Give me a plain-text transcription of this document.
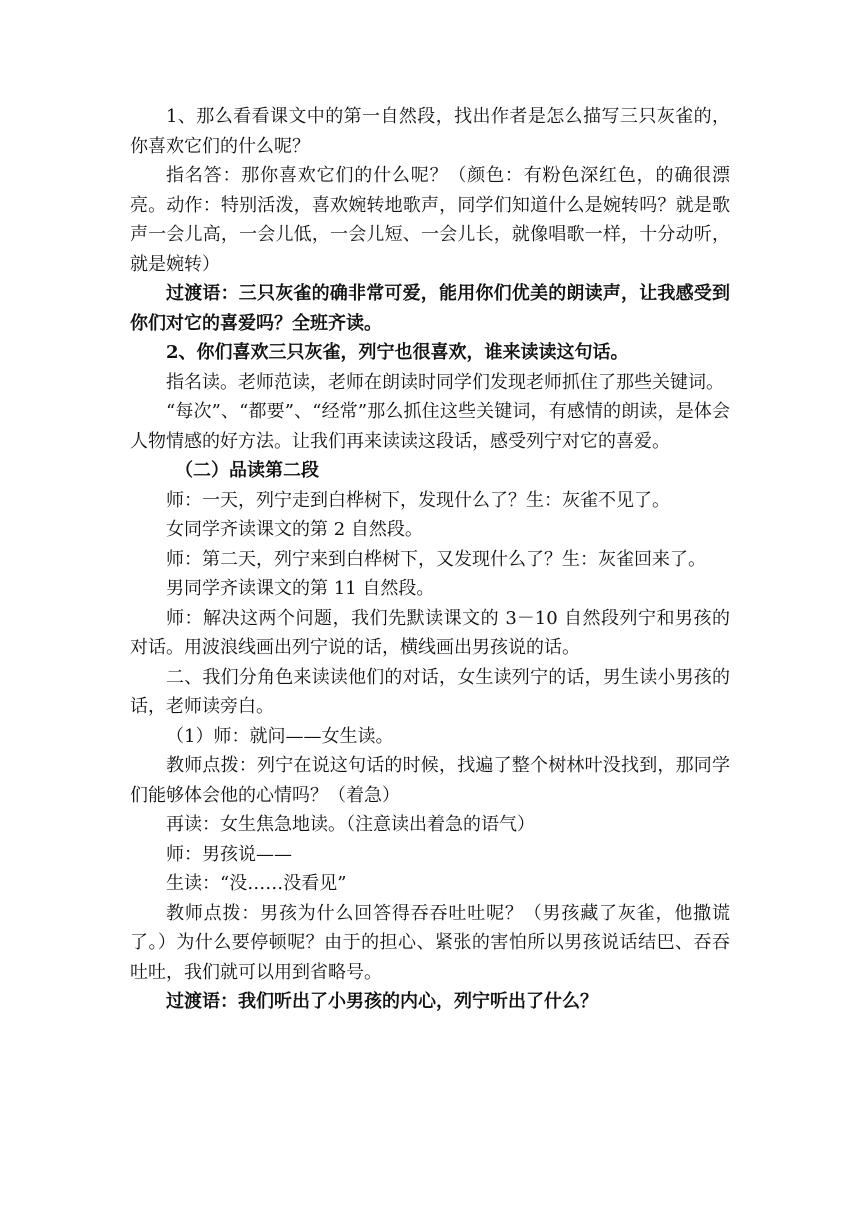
1、那么看看课文中的第一自然段，找出作者是怎么描写三只灰雀的，你喜欢它们的什么呢？

指名答：那你喜欢它们的什么呢？（颜色：有粉色深红色，的确很漂亮。动作：特别活泼，喜欢婉转地歌声，同学们知道什么是婉转吗？就是歌声一会儿高，一会儿低，一会儿短、一会儿长，就像唱歌一样，十分动听，就是婉转）

过渡语：三只灰雀的确非常可爱，能用你们优美的朗读声，让我感受到你们对它的喜爱吗？全班齐读。

2、你们喜欢三只灰雀，列宁也很喜欢，谁来读读这句话。

指名读。老师范读，老师在朗读时同学们发现老师抓住了那些关键词。

“每次”、“都要”、“经常”那么抓住这些关键词，有感情的朗读，是体会人物情感的好方法。让我们再来读读这段话，感受列宁对它的喜爱。

（二）品读第二段

师：一天，列宁走到白桦树下，发现什么了？生：灰雀不见了。

女同学齐读课文的第 2 自然段。

师：第二天，列宁来到白桦树下，又发现什么了？生：灰雀回来了。

男同学齐读课文的第 11 自然段。

师：解决这两个问题，我们先默读课文的 3－10 自然段列宁和男孩的对话。用波浪线画出列宁说的话，横线画出男孩说的话。

二、我们分角色来读读他们的对话，女生读列宁的话，男生读小男孩的话，老师读旁白。

（1）师：就问——女生读。

教师点拨：列宁在说这句话的时候，找遍了整个树林叶没找到，那同学们能够体会他的心情吗？（着急）

再读：女生焦急地读。（注意读出着急的语气）

师：男孩说——

生读：“没……没看见”

教师点拨：男孩为什么回答得吞吞吐吐呢？（男孩藏了灰雀，他撒谎了。）为什么要停顿呢？由于的担心、紧张的害怕所以男孩说话结巴、吞吞吐吐，我们就可以用到省略号。

过渡语：我们听出了小男孩的内心，列宁听出了什么？
